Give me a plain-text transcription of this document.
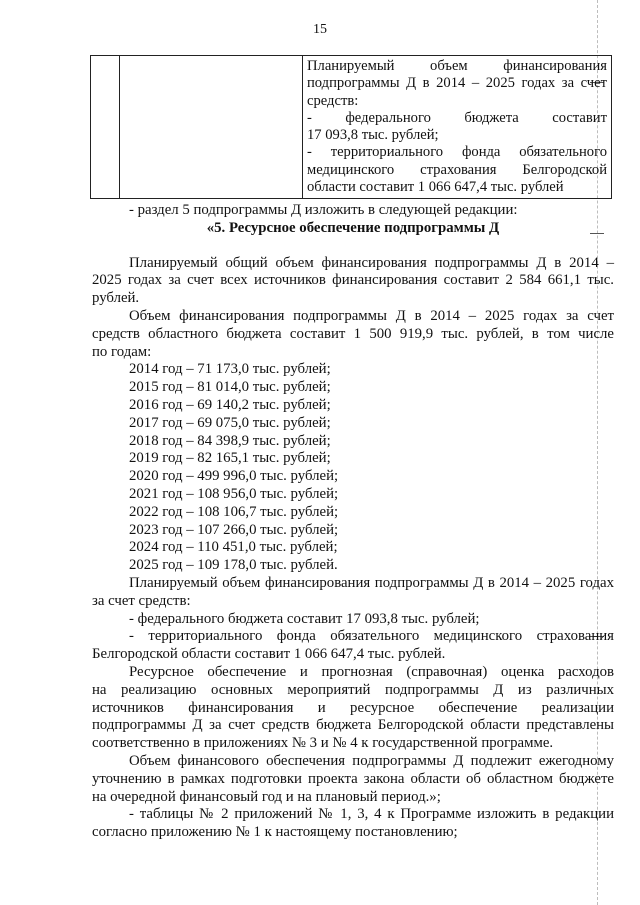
15

Планируемый объем финансирования
подпрограммы Д в 2014 – 2025 годах за счет
средств:
- федерального бюджета составит
17 093,8 тыс. рублей;
- территориального фонда обязательного
медицинского страхования Белгородской
области составит 1 066 647,4 тыс. рублей

- раздел 5 подпрограммы Д изложить в следующей редакции:

«5. Ресурсное обеспечение подпрограммы Д

Планируемый общий объем финансирования подпрограммы Д в 2014 –

2025 годах за счет всех источников финансирования составит 2 584 661,1 тыс.

рублей.

Объем финансирования подпрограммы Д в 2014 – 2025 годах за счет

средств областного бюджета составит 1 500 919,9 тыс. рублей, в том числе

по годам:

2014 год – 71 173,0 тыс. рублей;

2015 год – 81 014,0 тыс. рублей;

2016 год – 69 140,2 тыс. рублей;

2017 год – 69 075,0 тыс. рублей;

2018 год – 84 398,9 тыс. рублей;

2019 год – 82 165,1 тыс. рублей;

2020 год – 499 996,0 тыс. рублей;

2021 год – 108 956,0 тыс. рублей;

2022 год – 108 106,7 тыс. рублей;

2023 год – 107 266,0 тыс. рублей;

2024 год – 110 451,0 тыс. рублей;

2025 год – 109 178,0 тыс. рублей.

Планируемый объем финансирования подпрограммы Д в 2014 – 2025 годах

за счет средств:

- федерального бюджета составит 17 093,8 тыс. рублей;

- территориального фонда обязательного медицинского страхования

Белгородской области составит 1 066 647,4 тыс. рублей.

Ресурсное обеспечение и прогнозная (справочная) оценка расходов

на реализацию основных мероприятий подпрограммы Д из различных

источников финансирования и ресурсное обеспечение реализации

подпрограммы Д за счет средств бюджета Белгородской области представлены

соответственно в приложениях № 3 и № 4 к государственной программе.

Объем финансового обеспечения подпрограммы Д подлежит ежегодному

уточнению в рамках подготовки проекта закона области об областном бюджете

на очередной финансовый год и на плановый период.»;

- таблицы № 2 приложений № 1, 3, 4 к Программе изложить в редакции

согласно приложению № 1 к настоящему постановлению;
